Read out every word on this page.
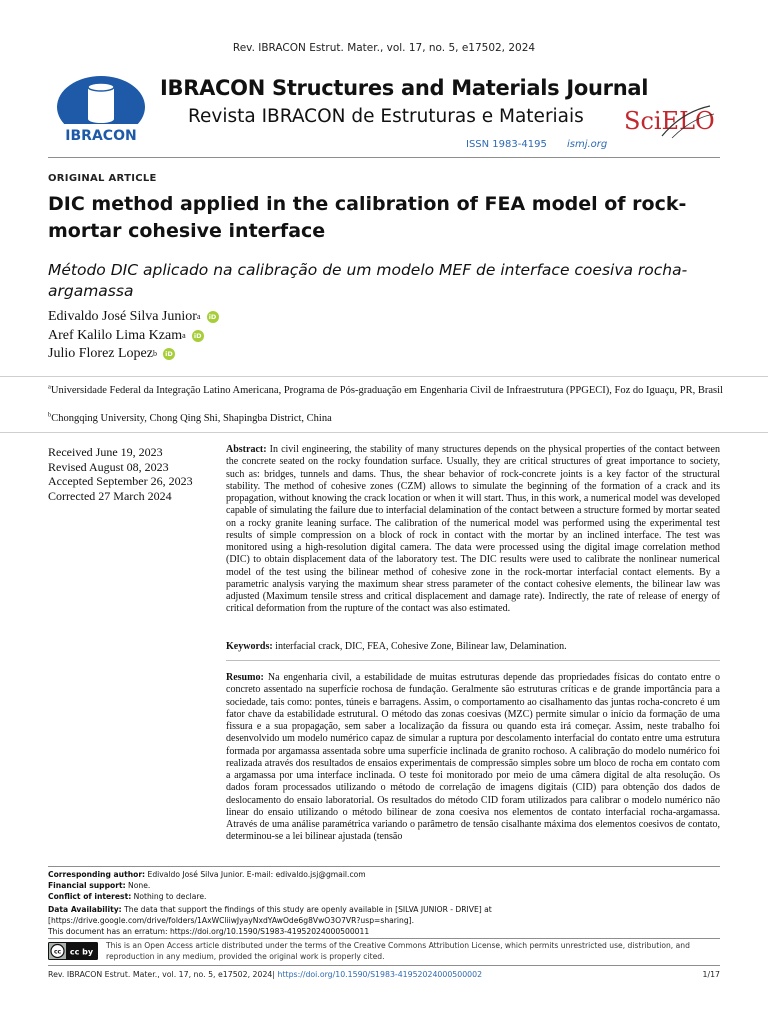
Rev. IBRACON Estrut. Mater., vol. 17, no. 5, e17502, 2024
IBRACON
IBRACON Structures and Materials Journal
Revista IBRACON de Estruturas e Materiais SciELO
ISSN 1983-4195 ismj.org
ORIGINAL ARTICLE
DIC method applied in the calibration of FEA model of rock-mortar cohesive interface
Método DIC aplicado na calibração de um modelo MEF de interface coesiva rocha-argamassa
Edivaldo José Silva Junior a	iD
Aref Kalilo Lima Kzam a	iD
Julio Florez Lopez b	iD
$^a$Universidade Federal da Integração Latino Americana, Programa de Pós-graduação em Engenharia Civil de Infraestrutura (PPGECI), Foz do Iguaçu, PR, Brasil
$^b$Chongqing University, Chong Qing Shi, Shapingba District, China
Received June 19, 2023
Revised August 08, 2023
Accepted September 26, 2023
Corrected 27 March 2024
Abstract: In civil engineering, the stability of many structures depends on the physical properties of the contact between the concrete seated on the rocky foundation surface. Usually, they are critical structures of great importance to society, such as: bridges, tunnels and dams. Thus, the shear behavior of rock-concrete joints is a key factor of the structural stability. The method of cohesive zones (CZM) allows to simulate the beginning of the formation of a crack and its propagation, without knowing the crack location or when it will start. Thus, in this work, a numerical model was developed capable of simulating the failure due to interfacial delamination of the contact between a structure formed by mortar seated on a rocky granite leaning surface. The calibration of the numerical model was performed using the experimental test results of simple compression on a block of rock in contact with the mortar by an inclined interface. The test was monitored using a high-resolution digital camera. The data were processed using the digital image correlation method (DIC) to obtain displacement data of the laboratory test. The DIC results were used to calibrate the nonlinear numerical model of the test using the bilinear method of cohesive zone in the rock-mortar interfacial contact elements. By a parametric analysis varying the maximum shear stress parameter of the contact cohesive elements, the bilinear law was adjusted (Maximum tensile stress and critical displacement and damage rate). Indirectly, the rate of release of energy of critical deformation from the rupture of the contact was also estimated.
Keywords: interfacial crack, DIC, FEA, Cohesive Zone, Bilinear law, Delamination.
Resumo: Na engenharia civil, a estabilidade de muitas estruturas depende das propriedades físicas do contato entre o concreto assentado na superfície rochosa de fundação. Geralmente são estruturas críticas e de grande importância para a sociedade, tais como: pontes, túneis e barragens. Assim, o comportamento ao cisalhamento das juntas rocha-concreto é um fator chave da estabilidade estrutural. O método das zonas coesivas (MZC) permite simular o início da formação de uma fissura e a sua propagação, sem saber a localização da fissura ou quando esta irá começar. Assim, neste trabalho foi desenvolvido um modelo numérico capaz de simular a ruptura por descolamento interfacial do contato entre uma estrutura formada por argamassa assentada sobre uma superfície inclinada de granito rochoso. A calibração do modelo numérico foi realizada através dos resultados de ensaios experimentais de compressão simples sobre um bloco de rocha em contato com a argamassa por uma interface inclinada. O teste foi monitorado por meio de uma câmera digital de alta resolução. Os dados foram processados utilizando o método de correlação de imagens digitais (CID) para obtenção dos dados de deslocamento do ensaio laboratorial. Os resultados do método CID foram utilizados para calibrar o modelo numérico não linear do ensaio utilizando o método bilinear de zona coesiva nos elementos de contato interfacial rocha-argamassa. Através de uma análise paramétrica variando o parâmetro de tensão cisalhante máxima dos elementos coesivos de contato, determinou-se a lei bilinear ajustada (tensão
Corresponding author: Edivaldo José Silva Junior. E-mail: edivaldo.jsj@gmail.com
Financial support: None.
Conflict of interest: Nothing to declare.
Data Availability: The data that support the findings of this study are openly available in [SILVA JUNIOR - DRIVE] at
[https://drive.google.com/drive/folders/1AxWCliiwJyayNxdYAwOde6g8VwO3O7VR?usp=sharing].
This document has an erratum: https://doi.org/10.1590/S1983-41952024000500011
cc cc by
This is an Open Access article distributed under the terms of the Creative Commons Attribution License, which permits unrestricted use, distribution, and reproduction in any medium, provided the original work is properly cited.
Rev. IBRACON Estrut. Mater., vol. 17, no. 5, e17502, 2024| https://doi.org/10.1590/S1983-41952024000500002	1/17
